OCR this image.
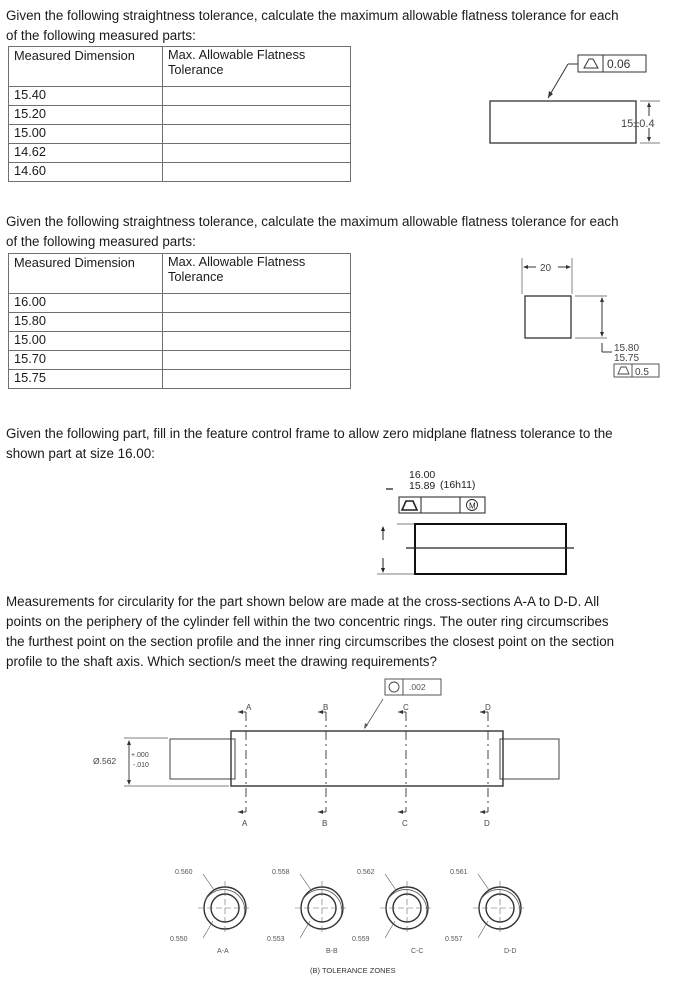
Given the following straightness tolerance, calculate the maximum allowable flatness tolerance for each
of the following measured parts:
Measured Dimension	Max. Allowable Flatness
Tolerance

15.40	
15.20	
15.00	
14.62	
14.60	
0.06
15±0.4
Given the following straightness tolerance, calculate the maximum allowable flatness tolerance for each
of the following measured parts:
Measured Dimension	Max. Allowable Flatness
Tolerance

16.00	
15.80	
15.00	
15.70	
15.75	
20
15.80
15.75
0.5
Given the following part, fill in the feature control frame to allow zero midplane flatness tolerance to the
shown part at size 16.00:
16.00
15.89 (16h11)
M
Measurements for circularity for the part shown below are made at the cross-sections A-A to D-D. All
points on the periphery of the cylinder fell within the two concentric rings. The outer ring circumscribes
the furthest point on the section profile and the inner ring circumscribes the closest point on the section
profile to the shaft axis. Which section/s meet the drawing requirements?
.002
A	B	C	D
A	B	C	D
Ø.562
+.000
-.010
0.560
0.550
A-A
0.558
0.553
B-B
0.562
0.559
C-C
0.561
0.557
D-D
(B) TOLERANCE ZONES
